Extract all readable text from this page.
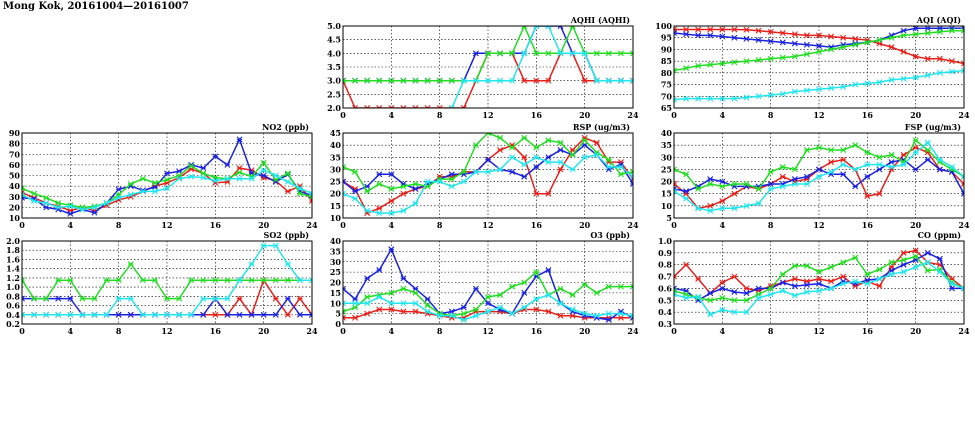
Mong Kok, 20161004—20161007
2.0
2.5
3.0
3.5
4.0
4.5
5.0
0	4	8	12	16	20	24
AQHI (AQHI)
65
70
75
80
85
90
95
100
0	4	8	12	16	20	24
AQI (AQI)
10
20
30
40
50
60
70
80
90
0	4	8	12	16	20	24
NO2 (ppb)
10
15
20
25
30
35
40
45
0	4	8	12	16	20	24
RSP (ug/m3)
5
10
15
20
25
30
35
40
0	4	8	12	16	20	24
FSP (ug/m3)
0.2
0.4
0.6
0.8
1.0
1.2
1.4
1.6
1.8
2.0
0	4	8	12	16	20	24
SO2 (ppb)
0
5
10
15
20
25
30
35
40
0	4	8	12	16	20	24
O3 (ppb)
0.3
0.4
0.5
0.6
0.7
0.8
0.9
1.0
0	4	8	12	16	20	24
CO (ppm)
